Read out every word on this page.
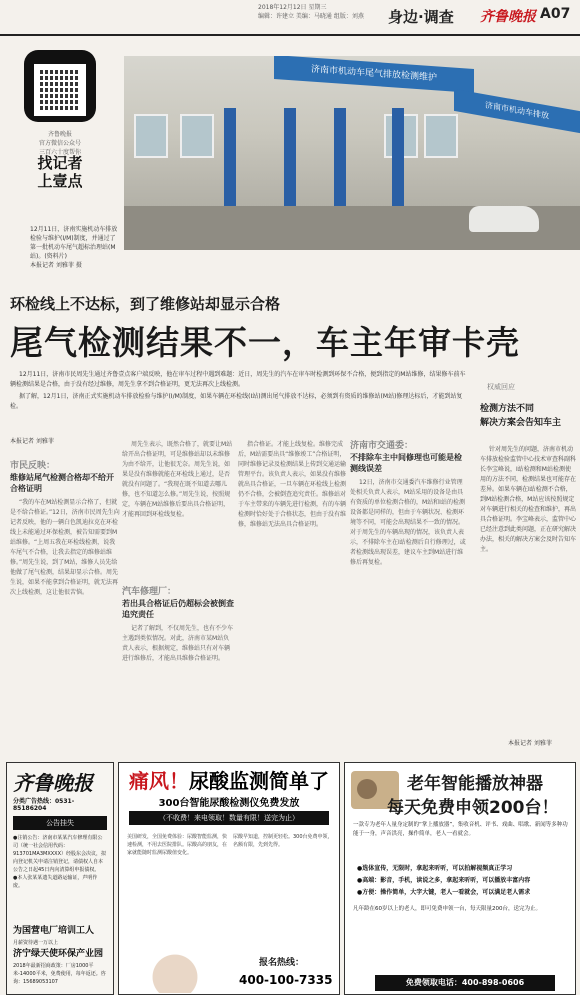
2018年12月12日 星期三
编辑：许建立 美编：马晓通 组版：刘燕 身边·调查 齐鲁晚报 A07
齐鲁晚报
官方微信公众号
三百六十度帮你
找记者
上壹点
济南市机动车尾气排放检测维护
济南市机动车排放
12月11日，济南实施机动车排放检验与维护(I/M)制度，并通过了第一批机动车尾气超标治理站(M站)。(资料片)
本报记者 刘雅菲 摄
环检线上不达标，到了维修站却显示合格
尾气检测结果不一，车主年审卡壳

12月11日，济南市民周先生通过齐鲁壹点客户端反映，他在审车过程中遇到难题：近日，周先生的汽车在审车时检测到环保不合格，便到指定的M站维修，结果修车前车辆检测结果是合格，由于没有经过维修，周先生拿不到合格证明，更无法再次上线检测。

据了解，12月1日，济南正式实施机动车排放检验与维护(I/M)制度，如果车辆在环检线(I站)测出尾气排放不达标，必须到有资质的维修站(M站)修理达标后，才能到站复检。

本报记者 刘雅菲
市民反映：
维修站尾气检测合格却不给开合格证明
“我的车在M站检测显示合格了，但就是不给合格证。”12日，济南市民周先生向记者反映，他的一辆白色凯迪拉克在环检线上未能通过环保检测，被告知需要到M站维修。“上周五我在环检线检测，说我车尾气不合格，让我去指定的维修站维修。”周先生说，到了M站，维修人员先给他做了尾气检测，结果却显示合格。周先生说，如果不能拿到合格证明，就无法再次上线检测，这让他很苦恼。
周先生表示，既然合格了，就要让M站给开出合格证明，可是维修站却以未维修为由不给开，让他很无奈。周先生说，如果是没有维修就能在环检线上通过，是否就没有问题了。“我现在既不知道去哪儿修，也不知道怎么修。”周先生说，按照规定，车辆在M站维修后要出具合格证明，才能再回到环检线复检。
汽车修理厂：
若出具合格证后仍超标会被倒查追究责任
记者了解到，不仅周先生，也有不少车主遇到类似情况。对此，济南市某M站负责人表示，根据规定，维修站只有对车辆进行维修后，才能出具维修合格证明。
指合格证。才能上线复检。维修完成后，M站需要出具“维修竣工”合格证明，同时维修记录及检测结果上传到交通运输管理平台。该负责人表示，如果没有维修就出具合格证，一旦车辆在环检线上检测仍不合格，会被倒查追究责任。维修站对于车主带来的车辆先进行检测，有的车辆检测时恰好处于合格状态，但由于没有维修，维修站无法出具合格证明。
济南市交通委：
不排除车主中间修理也可能是检测线误差
12日，济南市交通委汽车维修行业管理处相关负责人表示，M站采用的设备是由具有资质的单位检测合格的，M站和I站的检测设备都是同样的，但由于车辆状况、检测环境等不同，可能会出现结果不一致的情况。对于周先生的车辆出现的情况，该负责人表示，不排除车主在I站检测后自行修理过，或者检测线出现误差，建议车主到M站进行维修后再复检。
权威回应
检测方法不同
解决方案会告知车主
针对周先生的问题，济南市机动车排放检验监管中心技术审查科副科长李宝峰说，I站检测和M站检测使用的方法不同，检测结果也可能存在差异。如果车辆在I站检测不合格，到M站检测合格，M站应该按照规定对车辆进行相关的检查和维护，再出具合格证明。李宝峰表示，监管中心已经注意到此类问题，正在研究解决办法，相关的解决方案会及时告知车主。
本报记者 刘雅菲
齐鲁晚报
分类广告热线：0531-85186204
公告挂失
●注销公告：济南市某某汽车修理有限公司（统一社会信用代码：913701MA3MXXXX）经股东会决议，拟向登记机关申请注销登记，请债权人自本公告之日起45日内向清算组申报债权。
●本人张某某遗失道路运输证，声明作废。
为国营电厂培训工人
月薪资待遇一万以上
济宁绿天使环保产业园
2018年最新招商政策：厂房1000平米-14000平米，免费使用，每年返还。咨询：15689053107
痛风！尿酸监测简单了
300台智能尿酸检测仪免费发放
（不收费！来电领取！数量有限！送完为止）
美国研发，全国免费体验：尿酸智能监测，快速检测，不用去医院排队。尿酸高的朋友，在家就能随时监测尿酸值变化。
尿酸早知道，控制更轻松。300台免费申领，名额有限，先到先得。
报名热线：
400-100-7335
老年智能播放神器
每天免费申领200台！
一款专为老年人量身定制的“掌上播放器”，集收音机、评书、戏曲、唱歌、新闻等多种功能于一身，声音洪亮，操作简单，老人一看就会。
●选体宣传，无限时，拿起来听听，可以拍解视频真正学习
●高端：影音，手机，读说之多，拿起来听听，可以播放丰富内容
●方便：操作简单，大字大键，老人一看就会，可以满足老人需求
凡年龄在60岁以上的老人，即可免费申领一台，每天限量200台，送完为止。
免费领取电话：400-898-0606
